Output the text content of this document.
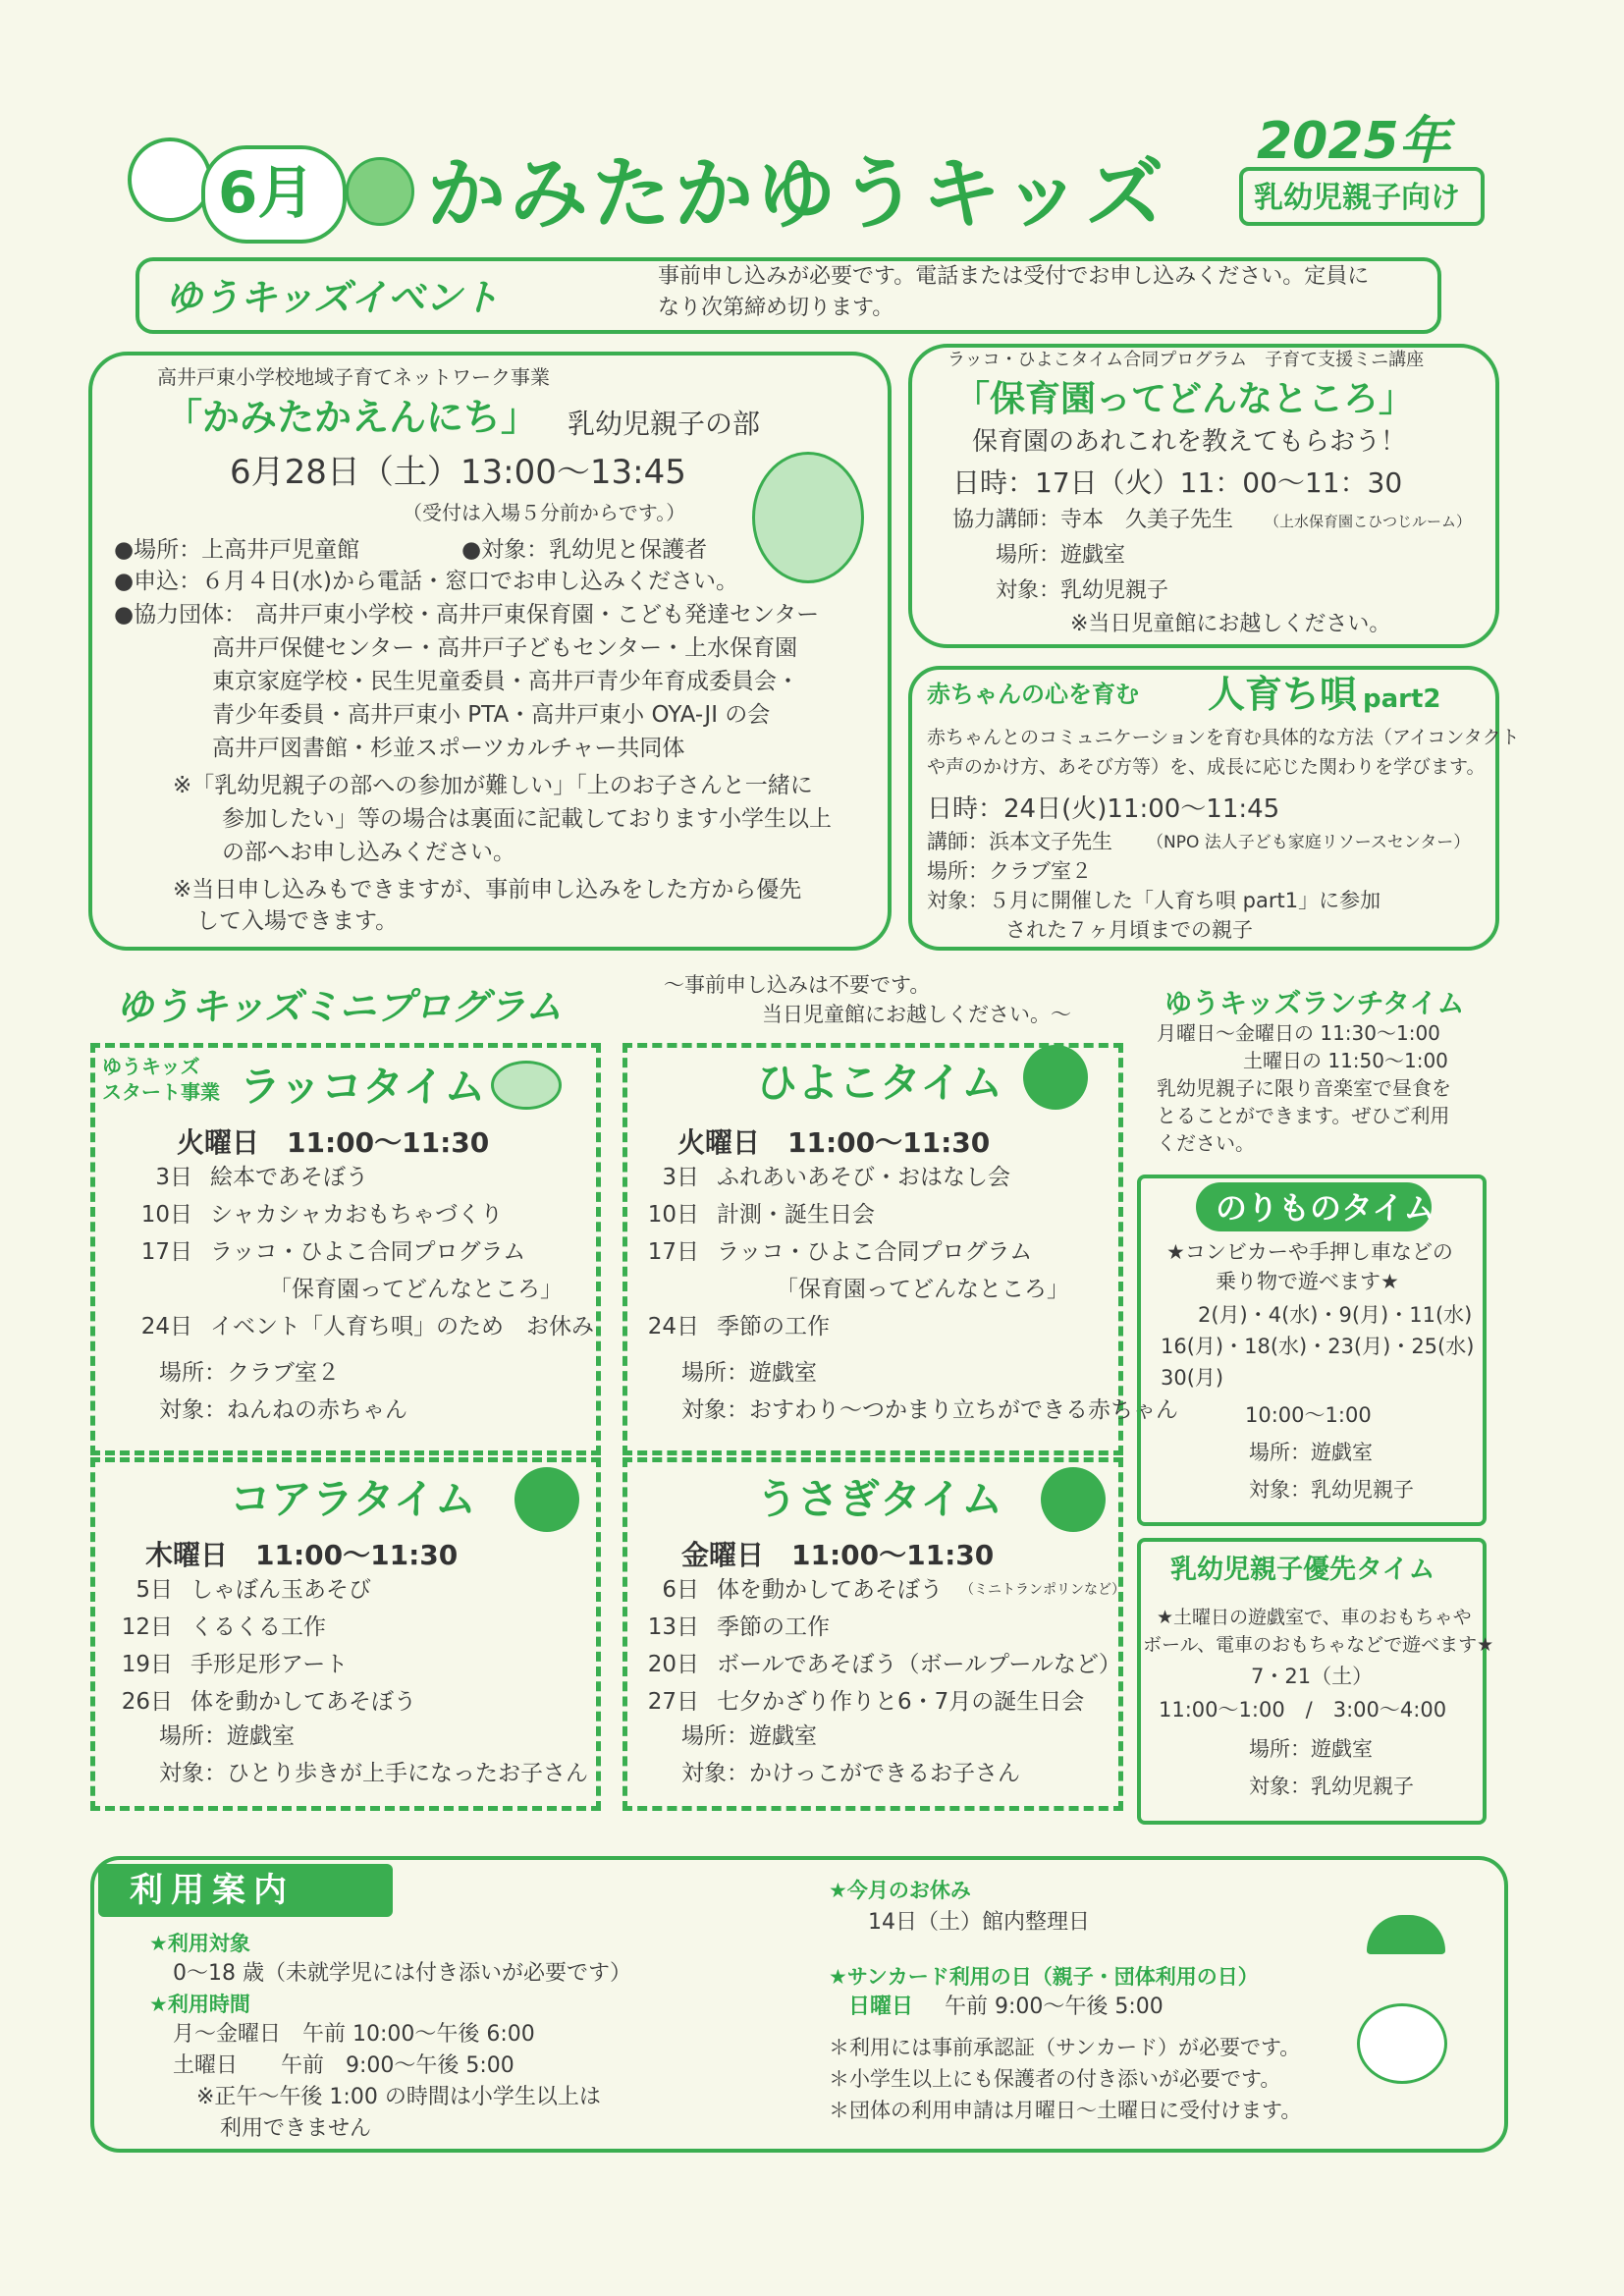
6月 かみたかゆうキッズ
2025年
乳幼児親子向け
ゆうキッズイベント	事前申し込みが必要です。電話または受付でお申し込みください。定員に
なり次第締め切ります。
高井戸東小学校地域子育てネットワーク事業
「かみたかえんにち」 乳幼児親子の部
6月28日（土）13:00～13:45
（受付は入場５分前からです。）
●場所：上高井戸児童館	●対象：乳幼児と保護者
●申込：６月４日(水)から電話・窓口でお申し込みください。
●協力団体： 高井戸東小学校・高井戸東保育園・こども発達センター
高井戸保健センター・高井戸子どもセンター・上水保育園
東京家庭学校・民生児童委員・高井戸青少年育成委員会・
青少年委員・高井戸東小 PTA・高井戸東小 OYA-JI の会
高井戸図書館・杉並スポーツカルチャー共同体
※「乳幼児親子の部への参加が難しい」「上のお子さんと一緒に
参加したい」等の場合は裏面に記載しております小学生以上
の部へお申し込みください。
※当日申し込みもできますが、事前申し込みをした方から優先
して入場できます。
ラッコ・ひよこタイム合同プログラム　子育て支援ミニ講座
「保育園ってどんなところ」
保育園のあれこれを教えてもらおう！
日時：17日（火）11：00～11：30
協力講師：寺本　久美子先生 （上水保育園こひつじルーム）
場所：遊戯室
対象：乳幼児親子
※当日児童館にお越しください。
赤ちゃんの心を育む 人育ち唄 part2
赤ちゃんとのコミュニケーションを育む具体的な方法（アイコンタクト
や声のかけ方、あそび方等）を、成長に応じた関わりを学びます。
日時：24日(火)11:00～11:45
講師：浜本文子先生 （NPO 法人子ども家庭リソースセンター）
場所：クラブ室２
対象：５月に開催した「人育ち唄 part1」に参加
された７ヶ月頃までの親子
ゆうキッズミニプログラム	～事前申し込みは不要です。
当日児童館にお越しください。～
ゆうキッズ
スタート事業 ラッコタイム
火曜日　11:00～11:30
3日 絵本であそぼう
10日 シャカシャカおもちゃづくり
17日 ラッコ・ひよこ合同プログラム
「保育園ってどんなところ」
24日 イベント「人育ち唄」のため　お休み
場所：クラブ室２
対象：ねんねの赤ちゃん
ひよこタイム
火曜日　11:00～11:30
3日 ふれあいあそび・おはなし会
10日 計測・誕生日会
17日 ラッコ・ひよこ合同プログラム
「保育園ってどんなところ」
24日 季節の工作
場所：遊戯室
対象：おすわり～つかまり立ちができる赤ちゃん
コアラタイム
木曜日　11:00～11:30
5日 しゃぼん玉あそび
12日 くるくる工作
19日 手形足形アート
26日 体を動かしてあそぼう
場所：遊戯室
対象：ひとり歩きが上手になったお子さん
うさぎタイム
金曜日　11:00～11:30
6日 体を動かしてあそぼう （ミニトランポリンなど）
13日 季節の工作
20日 ボールであそぼう（ボールプールなど）
27日 七夕かざり作りと6・7月の誕生日会
場所：遊戯室
対象：かけっこができるお子さん
ゆうキッズランチタイム
月曜日～金曜日の 11:30～1:00
土曜日の 11:50～1:00
乳幼児親子に限り音楽室で昼食を
とることができます。ぜひご利用
ください。
のりものタイム
★コンビカーや手押し車などの
乗り物で遊べます★
2(月)・4(水)・9(月)・11(水)
16(月)・18(水)・23(月)・25(水)
30(月)
10:00～1:00
場所：遊戯室
対象：乳幼児親子
乳幼児親子優先タイム
★土曜日の遊戯室で、車のおもちゃや
ボール、電車のおもちゃなどで遊べます★
7・21（土）
11:00～1:00　/　3:00～4:00
場所：遊戯室
対象：乳幼児親子
利用案内
★利用対象
0～18 歳（未就学児には付き添いが必要です）
★利用時間
月～金曜日　午前 10:00～午後 6:00
土曜日　　午前　9:00～午後 5:00
※正午～午後 1:00 の時間は小学生以上は
利用できません
★今月のお休み
14日（土）館内整理日
★サンカード利用の日（親子・団体利用の日）
日曜日 午前 9:00～午後 5:00
＊利用には事前承認証（サンカード）が必要です。
＊小学生以上にも保護者の付き添いが必要です。
＊団体の利用申請は月曜日～土曜日に受付けます。
